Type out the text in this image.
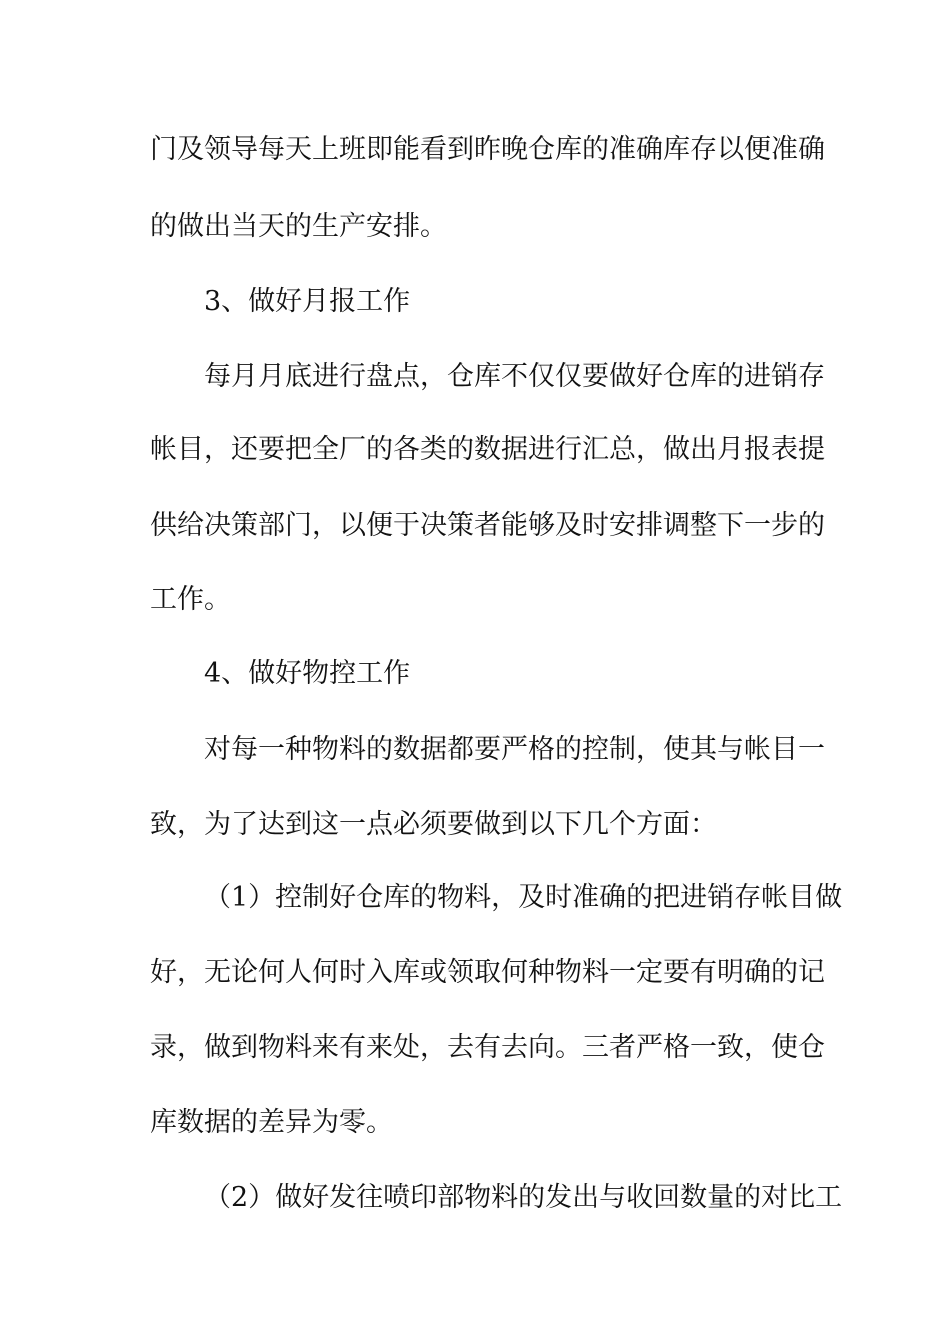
门及领导每天上班即能看到昨晚仓库的准确库存以便准确
的做出当天的生产安排。
3、做好月报工作
每月月底进行盘点，仓库不仅仅要做好仓库的进销存
帐目，还要把全厂的各类的数据进行汇总，做出月报表提
供给决策部门，以便于决策者能够及时安排调整下一步的
工作。
4、做好物控工作
对每一种物料的数据都要严格的控制，使其与帐目一
致，为了达到这一点必须要做到以下几个方面：
（1）控制好仓库的物料，及时准确的把进销存帐目做
好，无论何人何时入库或领取何种物料一定要有明确的记
录，做到物料来有来处，去有去向。三者严格一致，使仓
库数据的差异为零。
（2）做好发往喷印部物料的发出与收回数量的对比工
